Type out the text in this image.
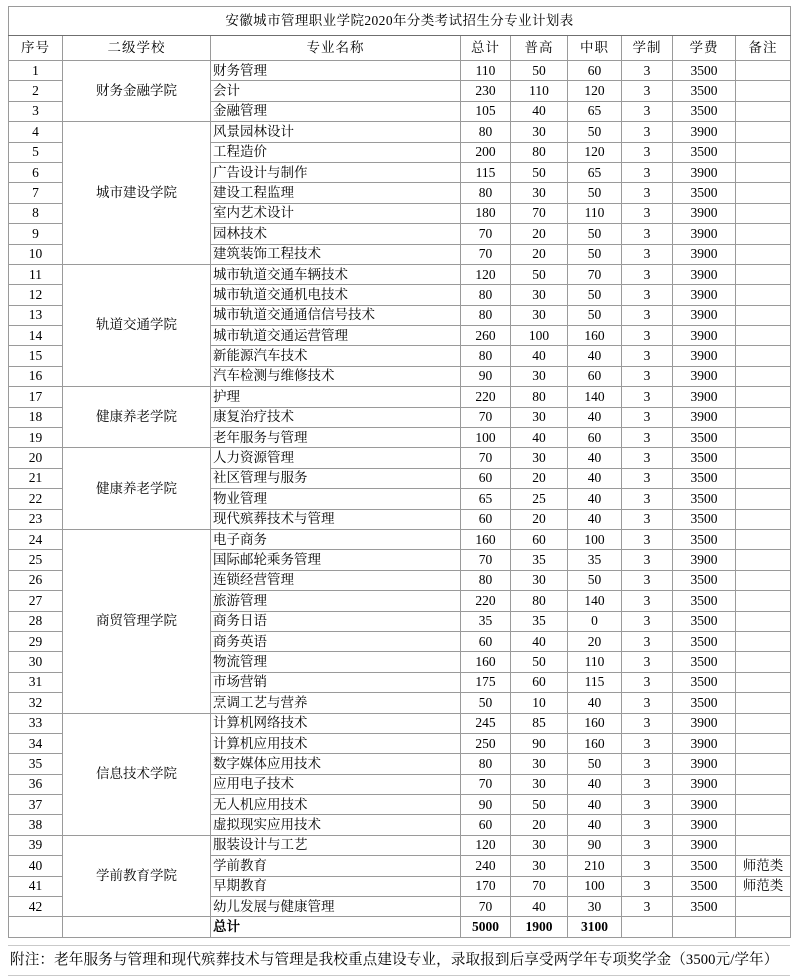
安徽城市管理职业学院2020年分类考试招生分专业计划表								
序号	二级学校	专业名称	总计	普高	中职	学制	学费	备注
1	财务金融学院	财务管理	110	50	60	3	3500	
2		会计	230	110	120	3	3500	
3		金融管理	105	40	65	3	3500	
4	城市建设学院	风景园林设计	80	30	50	3	3900	
5		工程造价	200	80	120	3	3500	
6		广告设计与制作	115	50	65	3	3900	
7		建设工程监理	80	30	50	3	3500	
8		室内艺术设计	180	70	110	3	3900	
9		园林技术	70	20	50	3	3900	
10		建筑装饰工程技术	70	20	50	3	3900	
11	轨道交通学院	城市轨道交通车辆技术	120	50	70	3	3900	
12		城市轨道交通机电技术	80	30	50	3	3900	
13		城市轨道交通通信信号技术	80	30	50	3	3900	
14		城市轨道交通运营管理	260	100	160	3	3900	
15		新能源汽车技术	80	40	40	3	3900	
16		汽车检测与维修技术	90	30	60	3	3900	
17	健康养老学院	护理	220	80	140	3	3900	
18		康复治疗技术	70	30	40	3	3900	
19		老年服务与管理	100	40	60	3	3500	
20	健康养老学院	人力资源管理	70	30	40	3	3500	
21		社区管理与服务	60	20	40	3	3500	
22		物业管理	65	25	40	3	3500	
23		现代殡葬技术与管理	60	20	40	3	3500	
24	商贸管理学院	电子商务	160	60	100	3	3500	
25		国际邮轮乘务管理	70	35	35	3	3900	
26		连锁经营管理	80	30	50	3	3500	
27		旅游管理	220	80	140	3	3500	
28		商务日语	35	35	0	3	3500	
29		商务英语	60	40	20	3	3500	
30		物流管理	160	50	110	3	3500	
31		市场营销	175	60	115	3	3500	
32		烹调工艺与营养	50	10	40	3	3500	
33	信息技术学院	计算机网络技术	245	85	160	3	3900	
34		计算机应用技术	250	90	160	3	3900	
35		数字媒体应用技术	80	30	50	3	3900	
36		应用电子技术	70	30	40	3	3900	
37		无人机应用技术	90	50	40	3	3900	
38		虚拟现实应用技术	60	20	40	3	3900	
39	学前教育学院	服装设计与工艺	120	30	90	3	3900	
40		学前教育	240	30	210	3	3500	师范类
41		早期教育	170	70	100	3	3500	师范类
42		幼儿发展与健康管理	70	40	30	3	3500	
		总计	5000	1900	3100			
附注：老年服务与管理和现代殡葬技术与管理是我校重点建设专业，录取报到后享受两学年专项奖学金（3500元/学年）
